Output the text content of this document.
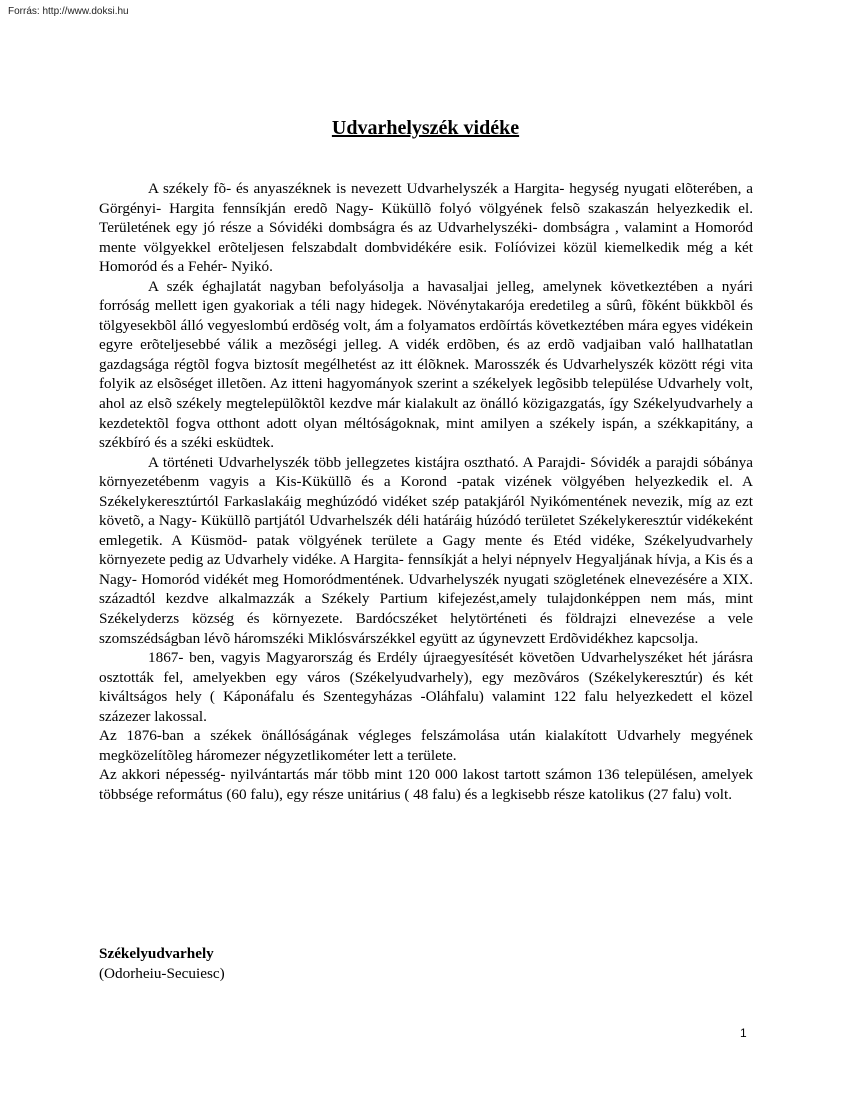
Forrás: http://www.doksi.hu
Udvarhelyszék vidéke

A székely fõ- és anyaszéknek is nevezett Udvarhelyszék a Hargita- hegység nyugati elõterében, a Görgényi- Hargita fennsíkján eredõ Nagy- Küküllõ folyó völgyének felsõ szakaszán helyezkedik el. Területének egy jó része a Sóvidéki dombságra és az Udvarhelyszéki- dombságra , valamint a Homoród mente völgyekkel erõteljesen felszabdalt dombvidékére esik. Folíóvizei közül kiemelkedik még a két Homoród és a Fehér- Nyikó.

A szék éghajlatát nagyban befolyásolja a havasaljai jelleg, amelynek következtében a nyári forróság mellett igen gyakoriak a téli nagy hidegek. Növénytakarója eredetileg a sûrû, fõként bükkbõl és tölgyesekbõl álló vegyeslombú erdõség volt, ám a folyamatos erdõírtás következtében mára egyes vidékein egyre erõteljesebbé válik a mezõségi jelleg. A vidék erdõben, és az erdõ vadjaiban való hallhatatlan gazdagsága régtõl fogva biztosít megélhetést az itt élõknek. Marosszék és Udvarhelyszék között régi vita folyik az elsõséget illetõen. Az itteni hagyományok szerint a székelyek legõsibb települése Udvarhely volt, ahol az elsõ székely megtelepülõktõl kezdve már kialakult az önálló közigazgatás, így Székelyudvarhely a kezdetektõl fogva otthont adott olyan méltóságoknak, mint amilyen a székely ispán, a székkapitány, a székbíró és a széki esküdtek.

A történeti Udvarhelyszék több jellegzetes kistájra osztható. A Parajdi- Sóvidék a parajdi sóbánya környezetébenm vagyis a Kis-Küküllõ és a Korond -patak vizének völgyében helyezkedik el. A Székelykeresztúrtól Farkaslakáig meghúzódó vidéket szép patakjáról Nyikómentének nevezik, míg az ezt követõ, a Nagy- Küküllõ partjától Udvarhelszék déli határáig húzódó területet Székelykeresztúr vidékeként emlegetik. A Küsmöd- patak völgyének területe a Gagy mente és Etéd vidéke, Székelyudvarhely környezete pedig az Udvarhely vidéke. A Hargita- fennsíkját a helyi népnyelv Hegyaljának hívja, a Kis és a Nagy- Homoród vidékét meg Homoródmentének. Udvarhelyszék nyugati szögletének elnevezésére a XIX. századtól kezdve alkalmazzák a Székely Partium kifejezést,amely tulajdonképpen nem más, mint Székelyderzs község és környezete. Bardócszéket helytörténeti és földrajzi elnevezése a vele szomszédságban lévõ háromszéki Miklósvárszékkel együtt az úgynevzett Erdõvidékhez kapcsolja.

1867- ben, vagyis Magyarország és Erdély újraegyesítését követõen Udvarhelyszéket hét járásra osztották fel, amelyekben egy város (Székelyudvarhely), egy mezõváros (Székelykeresztúr) és két kiváltságos hely ( Káponáfalu és Szentegyházas -Oláhfalu) valamint 122 falu helyezkedett el közel százezer lakossal.

Az 1876-ban a székek önállóságának végleges felszámolása után kialakított Udvarhely megyének megközelítõleg háromezer négyzetlikométer lett a területe.

Az akkori népesség- nyilvántartás már több mint 120 000 lakost tartott számon 136 településen, amelyek többsége református (60 falu), egy része unitárius ( 48 falu) és a legkisebb része katolikus (27 falu) volt.

Székelyudvarhely
(Odorheiu-Secuiesc)
1
